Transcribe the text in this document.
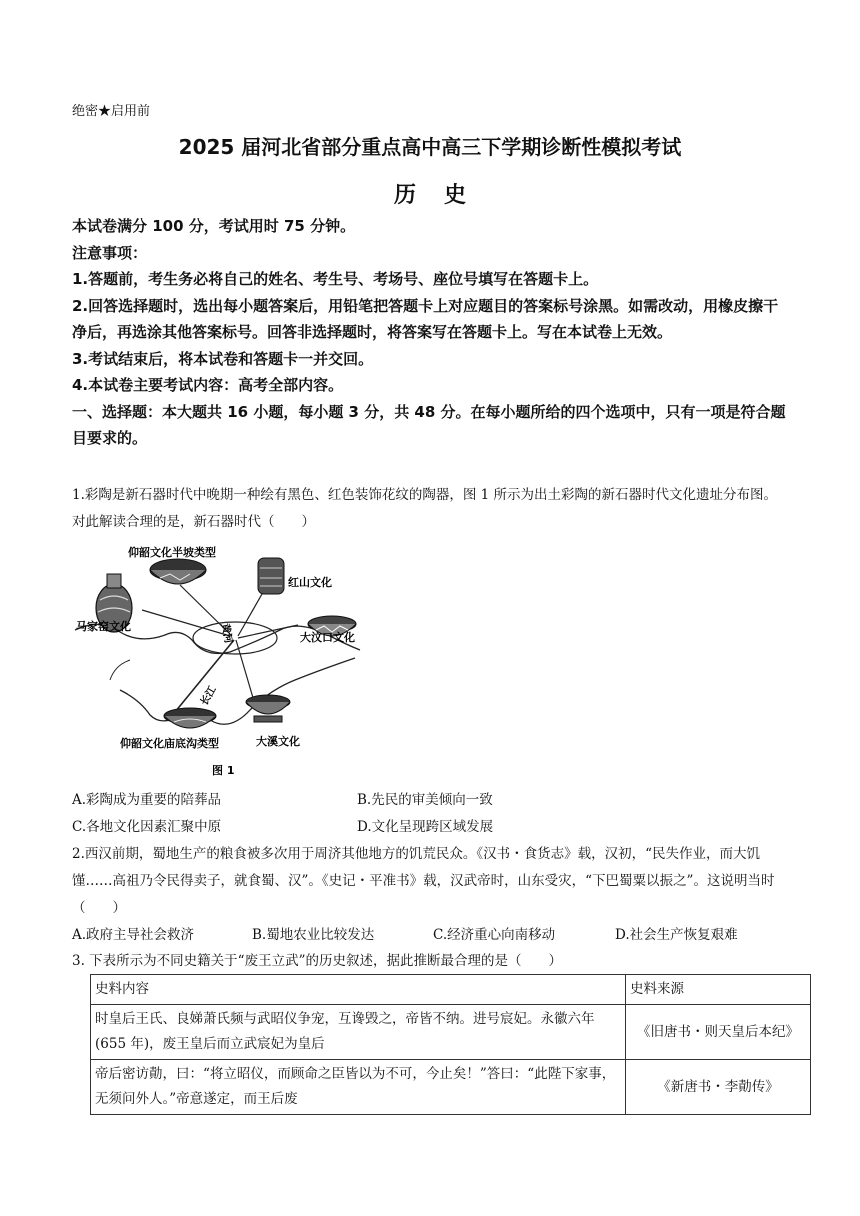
绝密★启用前
2025 届河北省部分重点高中高三下学期诊断性模拟考试
历史
本试卷满分 100 分，考试用时 75 分钟。
注意事项：
1.答题前，考生务必将自己的姓名、考生号、考场号、座位号填写在答题卡上。
2.回答选择题时，选出每小题答案后，用铅笔把答题卡上对应题目的答案标号涂黑。如需改动，用橡皮擦干净后，再选涂其他答案标号。回答非选择题时，将答案写在答题卡上。写在本试卷上无效。
3.考试结束后，将本试卷和答题卡一并交回。
4.本试卷主要考试内容：高考全部内容。
一、选择题：本大题共 16 小题，每小题 3 分，共 48 分。在每小题所给的四个选项中，只有一项是符合题目要求的。
1.彩陶是新石器时代中晚期一种绘有黑色、红色装饰花纹的陶器，图 1 所示为出土彩陶的新石器时代文化遗址分布图。对此解读合理的是，新石器时代（　　）
仰韶文化半坡类型
红山文化
马家窑文化
大汶口文化
黄河
长江
仰韶文化庙底沟类型	大溪文化
图 1
A.彩陶成为重要的陪葬品	B.先民的审美倾向一致
C.各地文化因素汇聚中原	D.文化呈现跨区域发展
2.西汉前期，蜀地生产的粮食被多次用于周济其他地方的饥荒民众。《汉书・食货志》载，汉初，“民失作业，而大饥馑……高祖乃令民得卖子，就食蜀、汉”。《史记・平准书》载，汉武帝时，山东受灾，“下巴蜀粟以振之”。这说明当时（　　）
A.政府主导社会救济	B.蜀地农业比较发达	C.经济重心向南移动	D.社会生产恢复艰难
3. 下表所示为不同史籍关于“废王立武”的历史叙述，据此推断最合理的是（　　）
史料内容	史料来源
时皇后王氏、良娣萧氏频与武昭仪争宠，互谗毁之，帝皆不纳。进号宸妃。永徽六年(655 年)，废王皇后而立武宸妃为皇后	《旧唐书・则天皇后本纪》
帝后密访勣，曰：“将立昭仪，而顾命之臣皆以为不可，今止矣！”答曰：“此陛下家事，无须问外人。”帝意遂定，而王后废	《新唐书・李勣传》
